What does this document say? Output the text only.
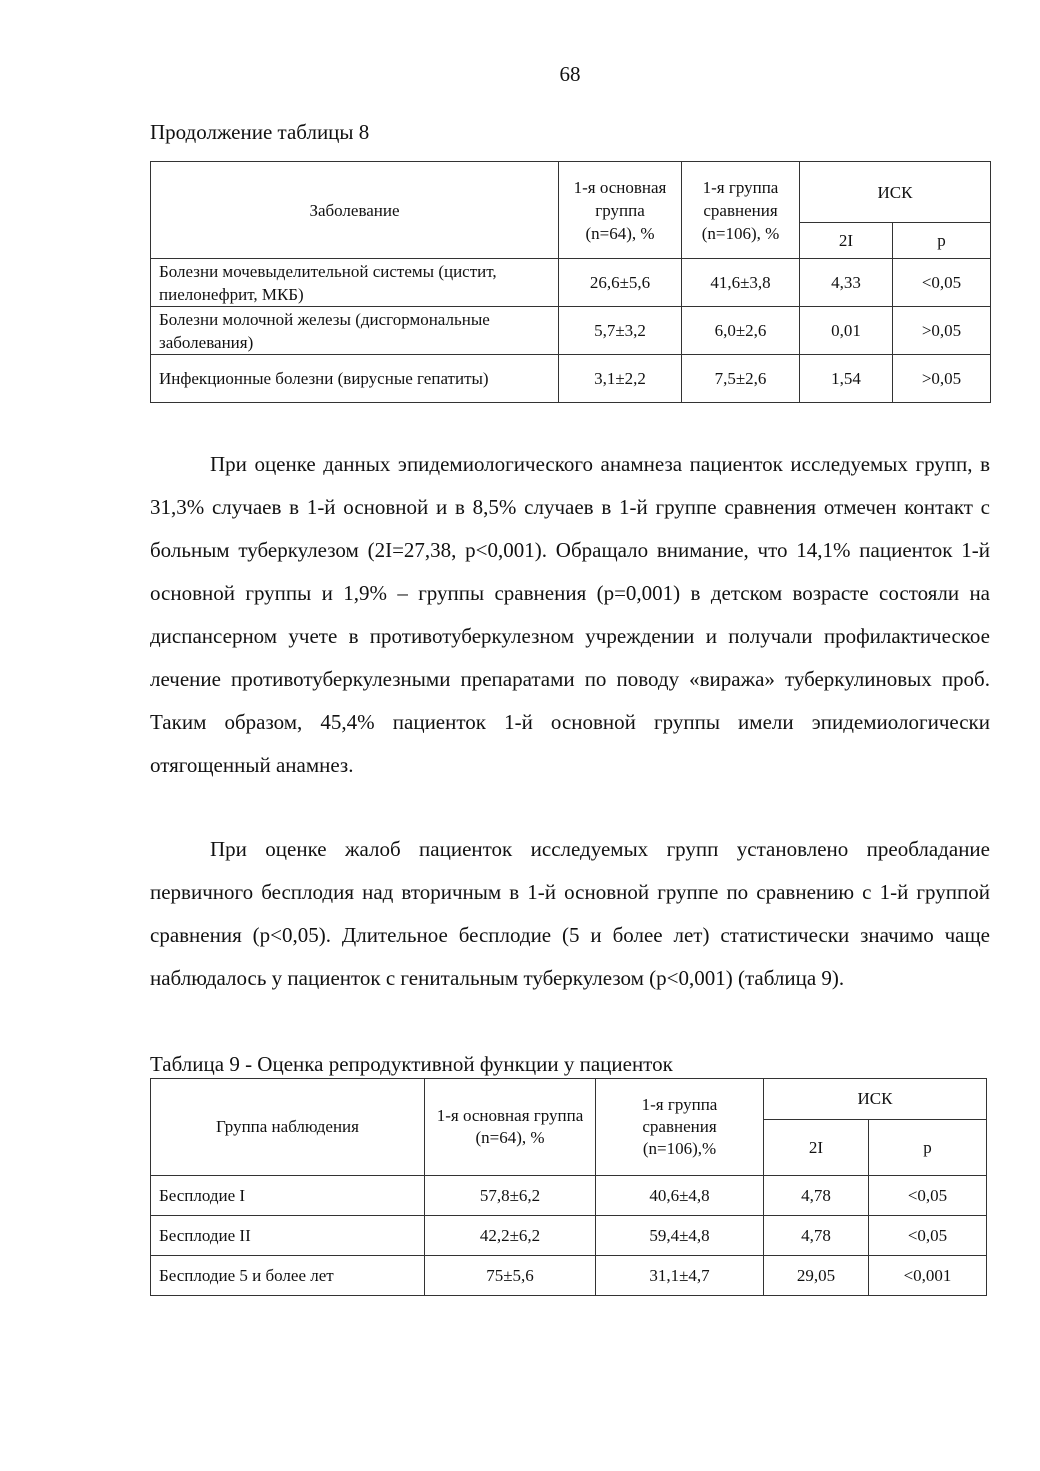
68
Продолжение таблицы 8
Заболевание	1-я основная группа (n=64), %	1-я группа сравнения (n=106), %	ИСК	
			2I	p
Болезни мочевыделительной системы (цистит, пиелонефрит, МКБ)	26,6±5,6	41,6±3,8	4,33	<0,05
Болезни молочной железы (дисгормональные заболевания)	5,7±3,2	6,0±2,6	0,01	>0,05
Инфекционные болезни (вирусные гепатиты)	3,1±2,2	7,5±2,6	1,54	>0,05

При оценке данных эпидемиологического анамнеза пациенток исследуемых групп, в 31,3% случаев в 1-й основной и в 8,5% случаев в 1-й группе сравнения отмечен контакт с больным туберкулезом (2I=27,38, p<0,001). Обращало внимание, что 14,1% пациенток 1-й основной группы и 1,9% – группы сравнения (p=0,001) в детском возрасте состояли на диспансерном учете в противотуберкулезном учреждении и получали профилактическое лечение противотуберкулезными препаратами по поводу «виража» туберкулиновых проб. Таким образом, 45,4% пациенток 1-й основной группы имели эпидемиологически отягощенный анамнез.

При оценке жалоб пациенток исследуемых групп установлено преобладание первичного бесплодия над вторичным в 1-й основной группе по сравнению с 1-й группой сравнения (p<0,05). Длительное бесплодие (5 и более лет) статистически значимо чаще наблюдалось у пациенток с генитальным туберкулезом (p<0,001) (таблица 9).

Таблица 9 - Оценка репродуктивной функции у пациенток
Группа наблюдения	1-я основная группа (n=64), %	1-я группа сравнения (n=106),%	ИСК	
			2I	p
Бесплодие I	57,8±6,2	40,6±4,8	4,78	<0,05
Бесплодие II	42,2±6,2	59,4±4,8	4,78	<0,05
Бесплодие 5 и более лет	75±5,6	31,1±4,7	29,05	<0,001
